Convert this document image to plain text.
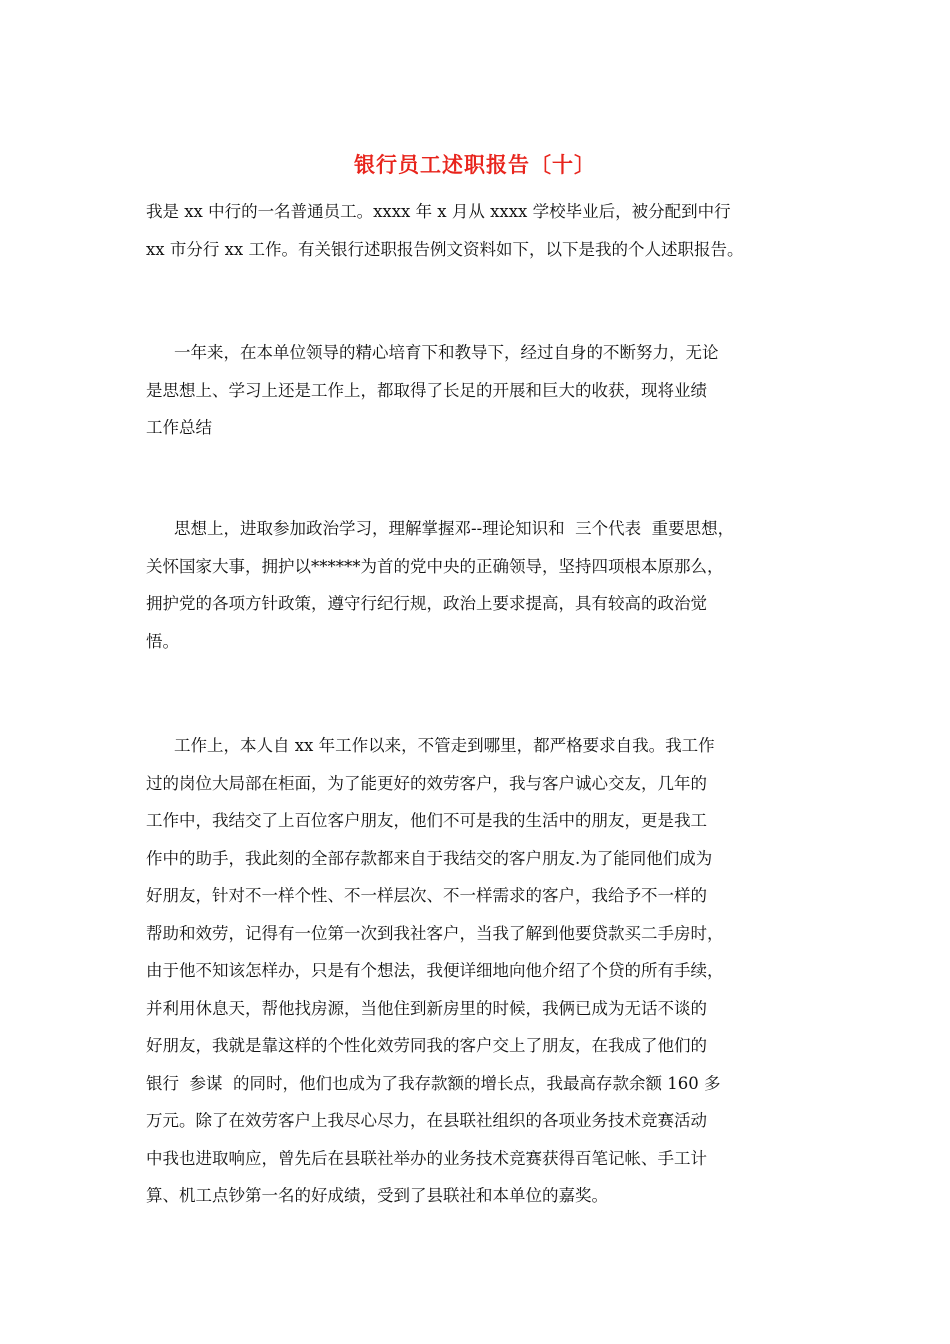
银行员工述职报告〔十〕
我是 xx 中行的一名普通员工。xxxx 年 x 月从 xxxx 学校毕业后，被分配到中行
xx 市分行 xx 工作。有关银行述职报告例文资料如下，以下是我的个人述职报告。
一年来，在本单位领导的精心培育下和教导下，经过自身的不断努力，无论
是思想上、学习上还是工作上，都取得了长足的开展和巨大的收获，现将业绩
工作总结
思想上，进取参加政治学习，理解掌握邓--理论知识和  三个代表  重要思想，
关怀国家大事，拥护以******为首的党中央的正确领导，坚持四项根本原那么，
拥护党的各项方针政策，遵守行纪行规，政治上要求提高，具有较高的政治觉
悟。
工作上，本人自 xx 年工作以来，不管走到哪里，都严格要求自我。我工作
过的岗位大局部在柜面，为了能更好的效劳客户，我与客户诚心交友，几年的
工作中，我结交了上百位客户朋友，他们不可是我的生活中的朋友，更是我工
作中的助手，我此刻的全部存款都来自于我结交的客户朋友.为了能同他们成为
好朋友，针对不一样个性、不一样层次、不一样需求的客户，我给予不一样的
帮助和效劳，记得有一位第一次到我社客户，当我了解到他要贷款买二手房时，
由于他不知该怎样办，只是有个想法，我便详细地向他介绍了个贷的所有手续，
并利用休息天，帮他找房源，当他住到新房里的时候，我俩已成为无话不谈的
好朋友，我就是靠这样的个性化效劳同我的客户交上了朋友，在我成了他们的
银行  参谋  的同时，他们也成为了我存款额的增长点，我最高存款余额 160 多
万元。除了在效劳客户上我尽心尽力，在县联社组织的各项业务技术竞赛活动
中我也进取响应，曾先后在县联社举办的业务技术竞赛获得百笔记帐、手工计
算、机工点钞第一名的好成绩，受到了县联社和本单位的嘉奖。
